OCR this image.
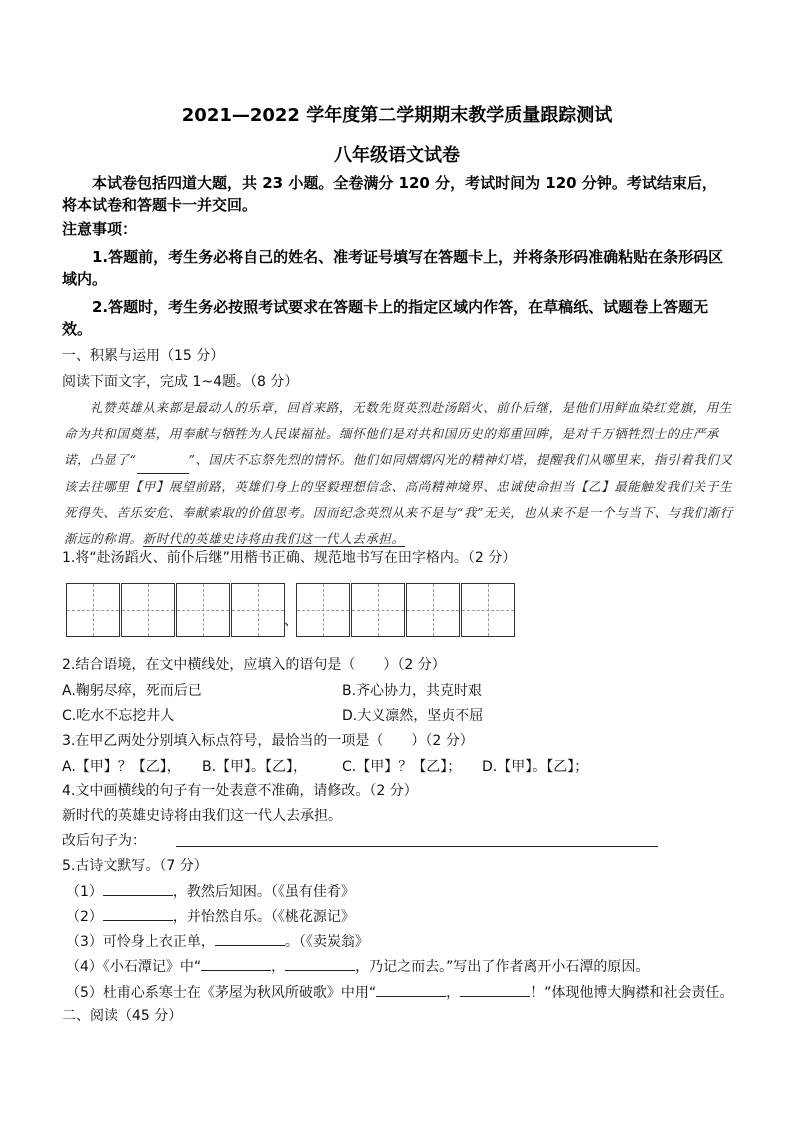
2021—2022 学年度第二学期期末教学质量跟踪测试
八年级语文试卷
本试卷包括四道大题，共 23 小题。全卷满分 120 分，考试时间为 120 分钟。考试结束后，将本试卷和答题卡一并交回。
注意事项：
1.答题前，考生务必将自己的姓名、准考证号填写在答题卡上，并将条形码准确粘贴在条形码区域内。
2.答题时，考生务必按照考试要求在答题卡上的指定区域内作答，在草稿纸、试题卷上答题无效。
一、积累与运用（15 分）
阅读下面文字，完成 1~4题。（8 分）
礼赞英雄从来都是最动人的乐章，回首来路，无数先贤英烈赴汤蹈火、前仆后继，是他们用鲜血染红党旗，用生命为共和国奠基，用奉献与牺牲为人民谋福祉。缅怀他们是对共和国历史的郑重回眸，是对千万牺牲烈士的庄严承诺，凸显了“	”、国庆不忘祭先烈的情怀。他们如同熠熠闪光的精神灯塔，提醒我们从哪里来，指引着我们又该去往哪里【甲】展望前路，英雄们身上的坚毅理想信念、高尚精神境界、忠诚使命担当【乙】最能触发我们关于生死得失、苦乐安危、奉献索取的价值思考。因而纪念英烈从来不是与“我”无关，也从来不是一个与当下、与我们渐行渐远的称谓。新时代的英雄史诗将由我们这一代人去承担。
1.将“赴汤蹈火、前仆后继”用楷书正确、规范地书写在田字格内。（2 分）
、
2.结合语境，在文中横线处，应填入的语句是（　　）（2 分）
A.鞠躬尽瘁，死而后已	B.齐心协力，共克时艰
C.吃水不忘挖井人	D.大义凛然，坚贞不屈
3.在甲乙两处分别填入标点符号，最恰当的一项是（　　）（2 分）
A.【甲】？【乙】， B.【甲】。【乙】， C.【甲】？【乙】； D.【甲】。【乙】；
4.文中画横线的句子有一处表意不准确，请修改。（2 分）
新时代的英雄史诗将由我们这一代人去承担。
改后句子为：
5.古诗文默写。（7 分）
（1）	，教然后知困。（《虽有佳肴》
（2）	，并怡然自乐。（《桃花源记》
（3）可怜身上衣正单，	。（《卖炭翁》
（4）《小石潭记》中“	，	，乃记之而去。”写出了作者离开小石潭的原因。
（5）杜甫心系寒士在《茅屋为秋风所破歌》中用“	，	！”体现他博大胸襟和社会责任。
二、阅读（45 分）
